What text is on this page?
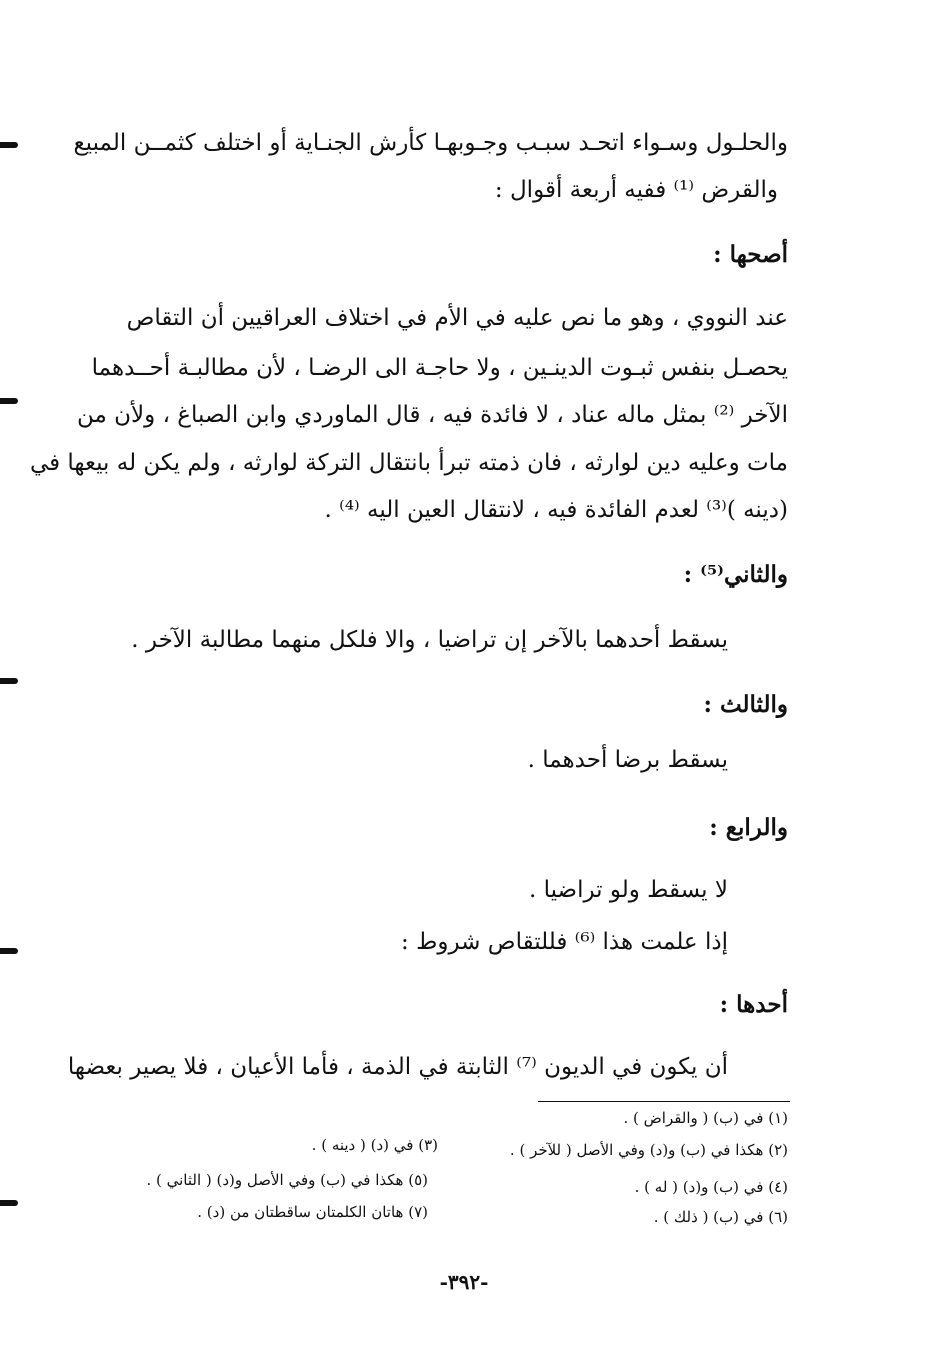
والحلـول وسـواء اتحـد سبـب وجـوبهـا كأرش الجنـاية أو اختلف كثمــن المبيع
والقرض ⁽¹⁾ ففيه أربعة أقوال :
أصحها :
عند النووي ، وهو ما نص عليه في الأم في اختلاف العراقيين أن التقاص
يحصـل بنفس ثبـوت الدينـين ، ولا حاجـة الى الرضـا ، لأن مطالبـة أحــدهما
الآخر ⁽²⁾ بمثل ماله عناد ، لا فائدة فيه ، قال الماوردي وابن الصباغ ، ولأن من
مات وعليه دين لوارثه ، فان ذمته تبرأ بانتقال التركة لوارثه ، ولم يكن له بيعها في
(دينه )⁽³⁾ لعدم الفائدة فيه ، لانتقال العين اليه ⁽⁴⁾ .
والثاني⁽⁵⁾ :
يسقط أحدهما بالآخر إن تراضيا ، والا فلكل منهما مطالبة الآخر .
والثالث :
يسقط برضا أحدهما .
والرابع :
لا يسقط ولو تراضيا .
إذا علمت هذا ⁽⁶⁾ فللتقاص شروط :
أحدها :
أن يكون في الديون ⁽⁷⁾ الثابتة في الذمة ، فأما الأعيان ، فلا يصير بعضها
(١) في (ب) ( والقراض ) .
(٢) هكذا في (ب) و(د) وفي الأصل ( للآخر ) .
(٣) في (د) ( دينه ) .
(٤) في (ب) و(د) ( له ) .
(٥) هكذا في (ب) وفي الأصل و(د) ( الثاني ) .
(٦) في (ب) ( ذلك ) .
(٧) هاتان الكلمتان ساقطتان من (د) .
-٣٩٢-
